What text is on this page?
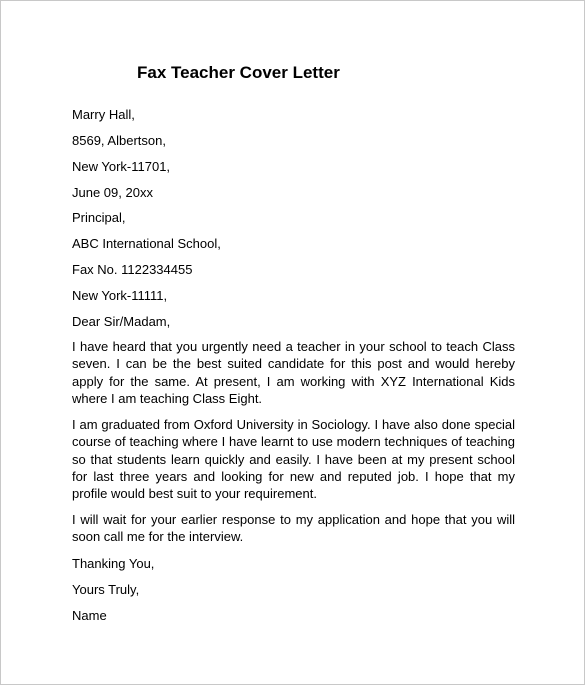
Fax Teacher Cover Letter
Marry Hall,
8569, Albertson,
New York-11701,
June 09, 20xx
Principal,
ABC International School,
Fax No. 1122334455
New York-11111,
Dear Sir/Madam,
I have heard that you urgently need a teacher in your school to teach Class seven. I can be the best suited candidate for this post and would hereby apply for the same. At present, I am working with XYZ International Kids where I am teaching Class Eight.
I am graduated from Oxford University in Sociology. I have also done special course of teaching where I have learnt to use modern techniques of teaching so that students learn quickly and easily. I have been at my present school for last three years and looking for new and reputed job. I hope that my profile would best suit to your requirement.
I will wait for your earlier response to my application and hope that you will soon call me for the interview.
Thanking You,
Yours Truly,
Name
